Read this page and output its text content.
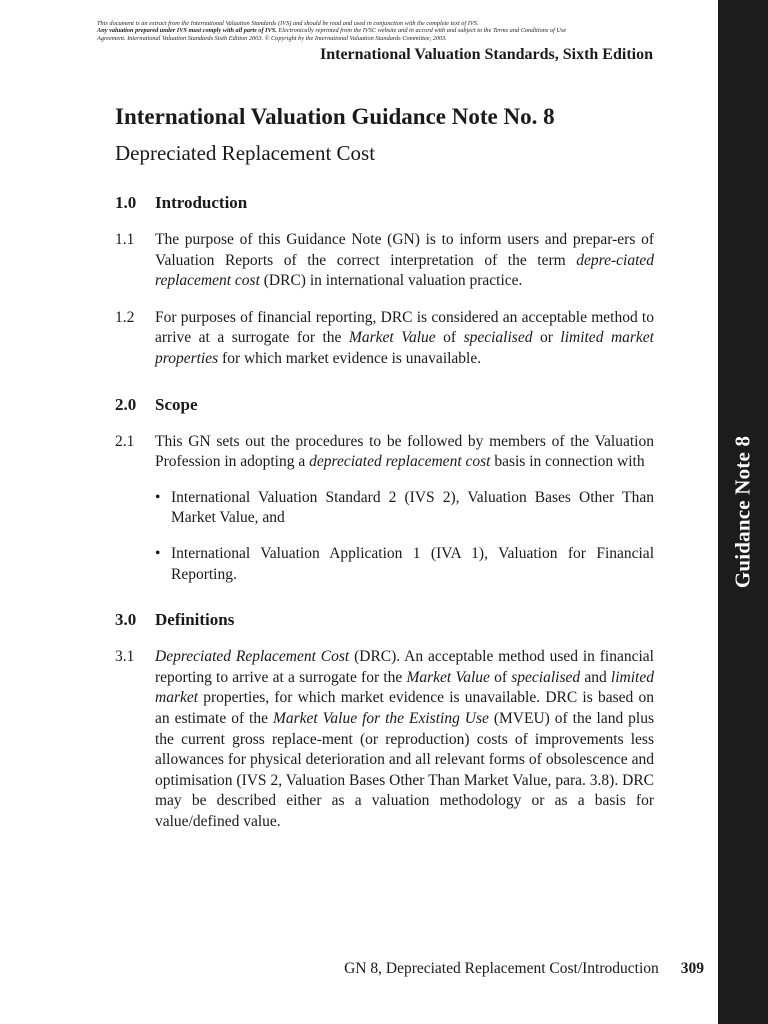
This document is an extract from the International Valuation Standards (IVS) and should be read and used in conjunction with the complete text of IVS.
Any valuation prepared under IVS must comply with all parts of IVS. Electronically reprinted from the IVSC website and in accord with and subject to the Terms and Conditions of Use
Agreement. International Valuation Standards Sixth Edition 2003. © Copyright by the International Valuation Standards Committee, 2003.
International Valuation Standards, Sixth Edition
Guidance Note 8
International Valuation Guidance Note No. 8
Depreciated Replacement Cost
1.0	Introduction
1.1	The purpose of this Guidance Note (GN) is to inform users and prepar-ers of Valuation Reports of the correct interpretation of the term depre-ciated replacement cost (DRC) in international valuation practice.
1.2	For purposes of financial reporting, DRC is considered an acceptable method to arrive at a surrogate for the Market Value of specialised or limited market properties for which market evidence is unavailable.
2.0	Scope
2.1	This GN sets out the procedures to be followed by members of the Valuation Profession in adopting a depreciated replacement cost basis in connection with
• International Valuation Standard 2 (IVS 2), Valuation Bases Other Than Market Value, and
• International Valuation Application 1 (IVA 1), Valuation for Financial Reporting.
3.0	Definitions
3.1	Depreciated Replacement Cost (DRC). An acceptable method used in financial reporting to arrive at a surrogate for the Market Value of specialised and limited market properties, for which market evidence is unavailable. DRC is based on an estimate of the Market Value for the Existing Use (MVEU) of the land plus the current gross replace-ment (or reproduction) costs of improvements less allowances for physical deterioration and all relevant forms of obsolescence and optimisation (IVS 2, Valuation Bases Other Than Market Value, para. 3.8). DRC may be described either as a valuation methodology or as a basis for value/defined value.
GN 8, Depreciated Replacement Cost/Introduction 309
